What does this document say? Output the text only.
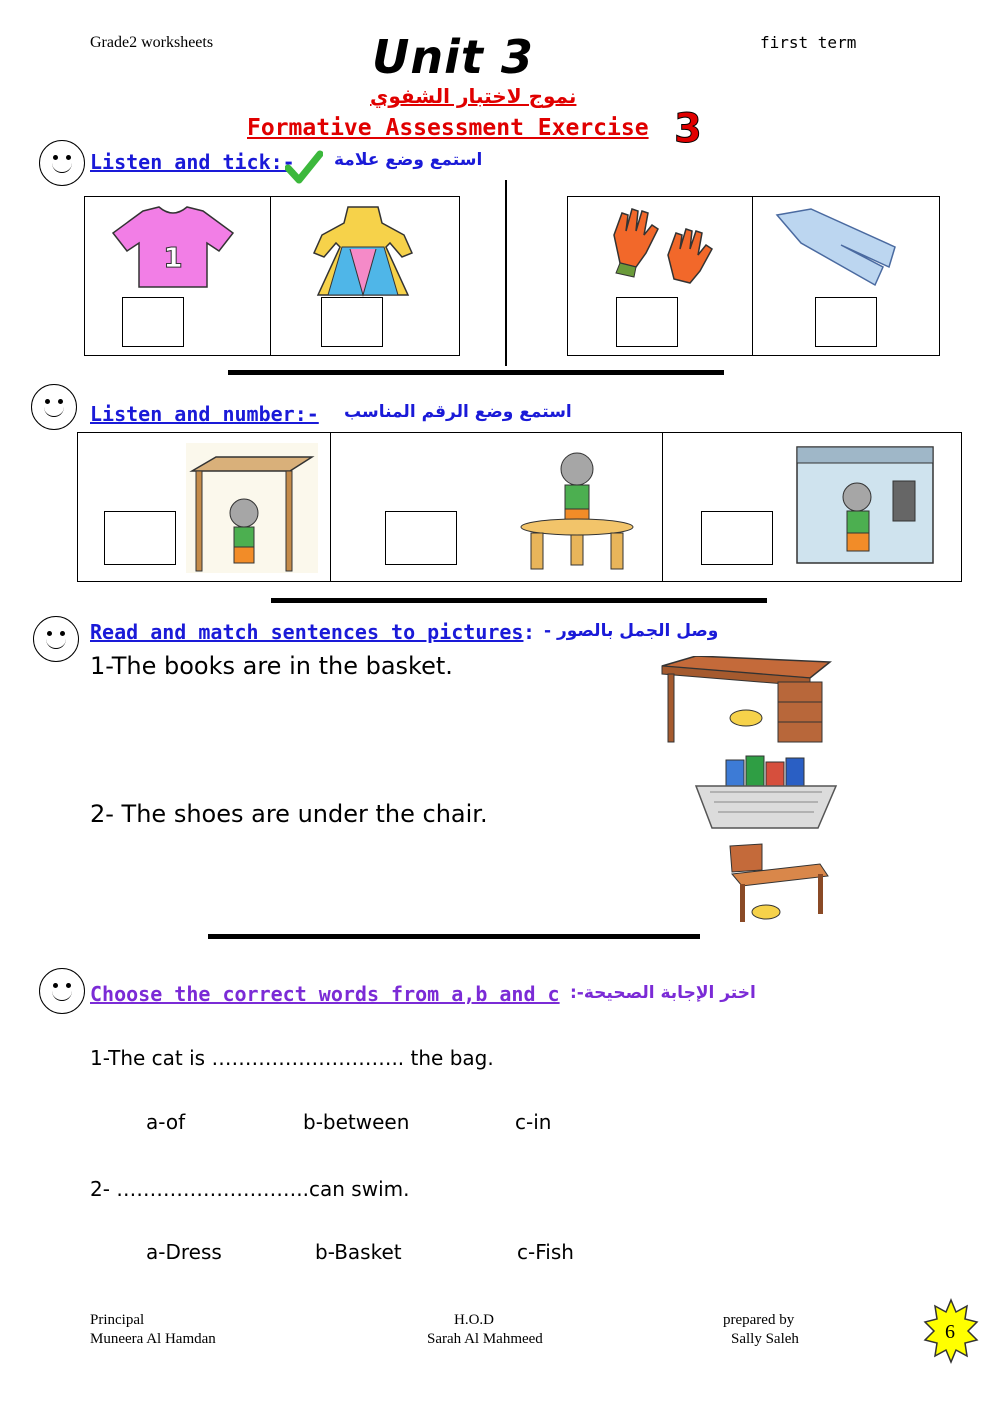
Grade2 worksheets	first term
Unit 3
نموج لاختبار الشفوي
Formative Assessment Exercise 3
Listen and tick:- استمع وضع علامة
1
Listen and number:- استمع وضع الرقم المناسب
Read and match sentences to pictures : - وصل الجمل بالصور
1-The books are in the basket.
2- The shoes are under the chair.
Choose the correct words from a,b and c :-اختر الإجابة الصحيحة
1-The cat is ……………………….. the bag.
a-of	b-between	c-in
2- ………………………..can swim.
a-Dress	b-Basket	c-Fish
Principal
Muneera Al Hamdan
H.O.D
Sarah Al Mahmeed
prepared by
Sally Saleh	6
